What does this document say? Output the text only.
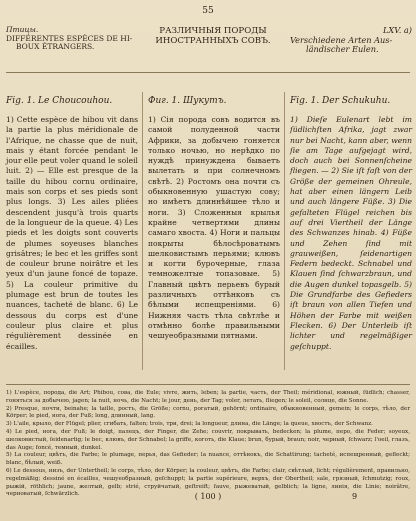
55
Птицы.
DIFFÉRENTES ESPÈCES DE HI-
BOUX ÉTRANGERS.
РАЗЛИЧНЫЯ ПОРОДЫ
ИНОСТРАННЫХЪ СОВЪ.
LXV. a)
Verschiedene Arten Aus-
ländischer Eulen.
Fig. 1. Le Choucouhou.	Фиг. 1. Шукутъ.	Fig. 1. Der Schukuhu.
1) Cette espèce de hibou vit dans la partie la plus méridionale de l'Afrique, ne chasse que de nuit, mais y étant forcée pendant le jour elle peut voler quand le soleil luit. 2) — Elle est presque de la taille du hibou cornu ordinaire, mais son corps et ses pieds sont plus longs. 3) Les ailes pliées descendent jusqu'à trois quarts de la longueur de la queue. 4) Les pieds et les doigts sont couverts de plumes soyeuses blanches grisâtres; le bec et les griffes sont de couleur brune noirâtre et les yeux d'un jaune foncé de topaze. 5) La couleur primitive du plumage est brun de toutes les nuances, tacheté de blanc. 6) Le dessous du corps est d'une couleur plus claire et plus régulièrement dessinée en écailles.
1) Сія порода совъ водится въ самой полуденной части Африки, за добычею гоняется только ночью, но нерѣдко по нуждѣ принуждена бываетъ вылетать и при солнечномъ свѣтѣ. 2) Ростомъ она почти съ обыкновенную ушастую сову; но имѣетъ длиннѣйшее тѣло и ноги. 3) Сложенныя крылья крайне четвертями длины самаго хвоста. 4) Ноги и пальцы покрыты бѣлосѣроватымъ шелковистымъ перьями; клювъ и когти бурочерные, глаза темножелтые топазовые. 5) Главный цвѣтъ перьевъ бурый различныхъ оттѣнковъ съ бѣлыми испещреніями. 6) Нижняя часть тѣла свѣтлѣе и отмѣнно болѣе правильными чешуеобразными пятнами.
1) Dieſe Eulenart lebt im ſüdlichſten Afrika, jagt zwar nur bei Nacht, kann aber, wenn ſie am Tage aufgejagt wird, doch auch bei Sonnenſcheine fliegen. — 2) Sie iſt faſt von der Größe der gemeinen Ohreule, hat aber einen längern Leib und auch längere Füße. 3) Die gefalteten Flügel reichen bis auf drei Viertheil der Länge des Schwanzes hinab. 4) Füße und Zehen ſind mit grauweißen, ſeidenartigen Federn bedeckt. Schnabel und Klauen ſind ſchwarzbraun, und die Augen dunkel topasgelb. 5) Die Grundfarbe des Gefieders iſt braun von allen Tiefen und Höhen der Farbe mit weißen Flecken. 6) Der Unterleib iſt lichter und regelmäßiger geſchuppt.

1) L'espèce, порода, die Art; Phibou, сова, die Eule; vivre, жить, leben; la partie, часть, der Theil; méridional, южный, ſüdlich; chasser, гоняться за добычею, jagen; la nuit, ночь, die Nacht; le jour, день, der Tag; voler, летать, fliegen; le soleil, солнце, die Sonne.

2) Presque, почти, beinahe; la taille, ростъ, die Größe; cornu, рогатый, gehörnt; ordinaire, обыкновенный, gemein; le corps, тѣло, der Körper; le pied, нога, der Fuß; long, длинный, lang.

3) L'aile, крыло, der Flügel; plier, сгибать, falten; trois, три, drei; la longueur, длина, die Länge; la queue, хвостъ, der Schwanz.

4) Le pied, нога, der Fuß; le doigt, палецъ, der Finger, die Zehe; couvrir, покрывать, bedecken; la plume, перо, die Feder; soyeux, шелковистый, ſeidenartig; le bec, клювъ, der Schnabel; la griffe, коготь, die Klaue; brun, бурый, braun; noir, черный, ſchwarz; l'oeil, глазъ, das Auge; foncé, темный, dunkel.

5) La couleur, цвѣтъ, die Farbe; le plumage, перья, das Gefieder; la nuance, оттѣнокъ, die Schattirung; tacheté, испещренный, gefleckt; blanc, бѣлый, weiß.

6) Le dessous, низъ, der Untertheil; le corps, тѣло, der Körper; la couleur, цвѣтъ, die Farbe; clair, свѣтлый, licht; régulièrement, правильно, regelmäßig; dessiné en écailles, чешуеобразный, geſchuppt; la partie supérieure, верхъ, der Obertheil; sale, грязный, ſchmutzig; roux, рыжій, röthlich; jaune, желтый, gelb; strié, струйчатый, geſtreift; fauve, рыжеватый, gelblich; la ligne, линія, die Linie; noirâtre, черноватый, ſchwärzlich.	( 100 )	9
